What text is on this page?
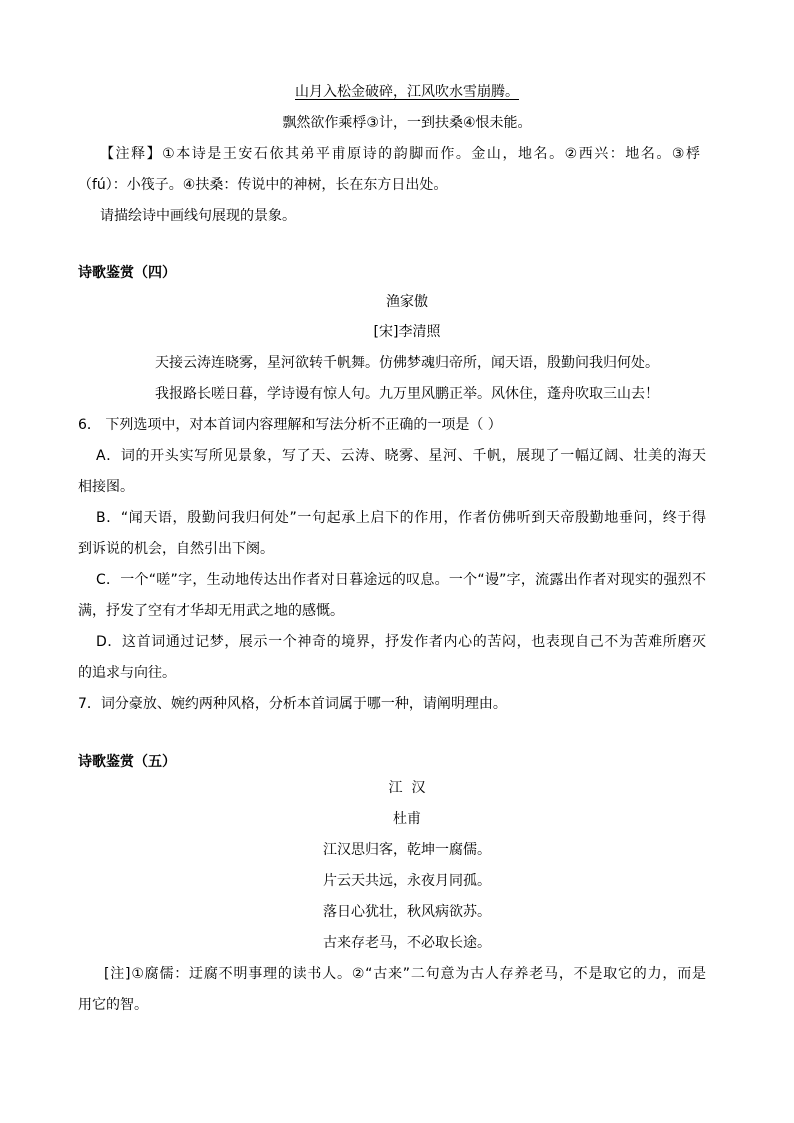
山月入松金破碎，江风吹水雪崩腾。
飘然欲作乘桴③计，一到扶桑④恨未能。
【注释】①本诗是王安石依其弟平甫原诗的韵脚而作。金山，地名。②西兴：地名。③桴
（fú）：小筏子。④扶桑：传说中的神树，长在东方日出处。
请描绘诗中画线句展现的景象。
诗歌鉴赏（四）
渔家傲
[宋]李清照
天接云涛连晓雾，星河欲转千帆舞。仿佛梦魂归帝所，闻天语，殷勤问我归何处。
我报路长嗟日暮，学诗谩有惊人句。九万里风鹏正举。风休住，蓬舟吹取三山去！
6． 下列选项中，对本首词内容理解和写法分析不正确的一项是（ ）
A．词的开头实写所见景象，写了天、云涛、晓雾、星河、千帆，展现了一幅辽阔、壮美的海天
相接图。
B．“闻天语，殷勤问我归何处”一句起承上启下的作用，作者仿佛听到天帝殷勤地垂问，终于得
到诉说的机会，自然引出下阕。
C．一个“嗟”字，生动地传达出作者对日暮途远的叹息。一个“谩”字，流露出作者对现实的强烈不
满，抒发了空有才华却无用武之地的感慨。
D．这首词通过记梦，展示一个神奇的境界，抒发作者内心的苦闷，也表现自己不为苦难所磨灭
的追求与向往。
7．词分豪放、婉约两种风格，分析本首词属于哪一种，请阐明理由。
诗歌鉴赏（五）
江  汉
杜甫
江汉思归客，乾坤一腐儒。
片云天共远，永夜月同孤。
落日心犹壮，秋风病欲苏。
古来存老马，不必取长途。
[注]①腐儒：迂腐不明事理的读书人。②“古来”二句意为古人存养老马，不是取它的力，而是
用它的智。
